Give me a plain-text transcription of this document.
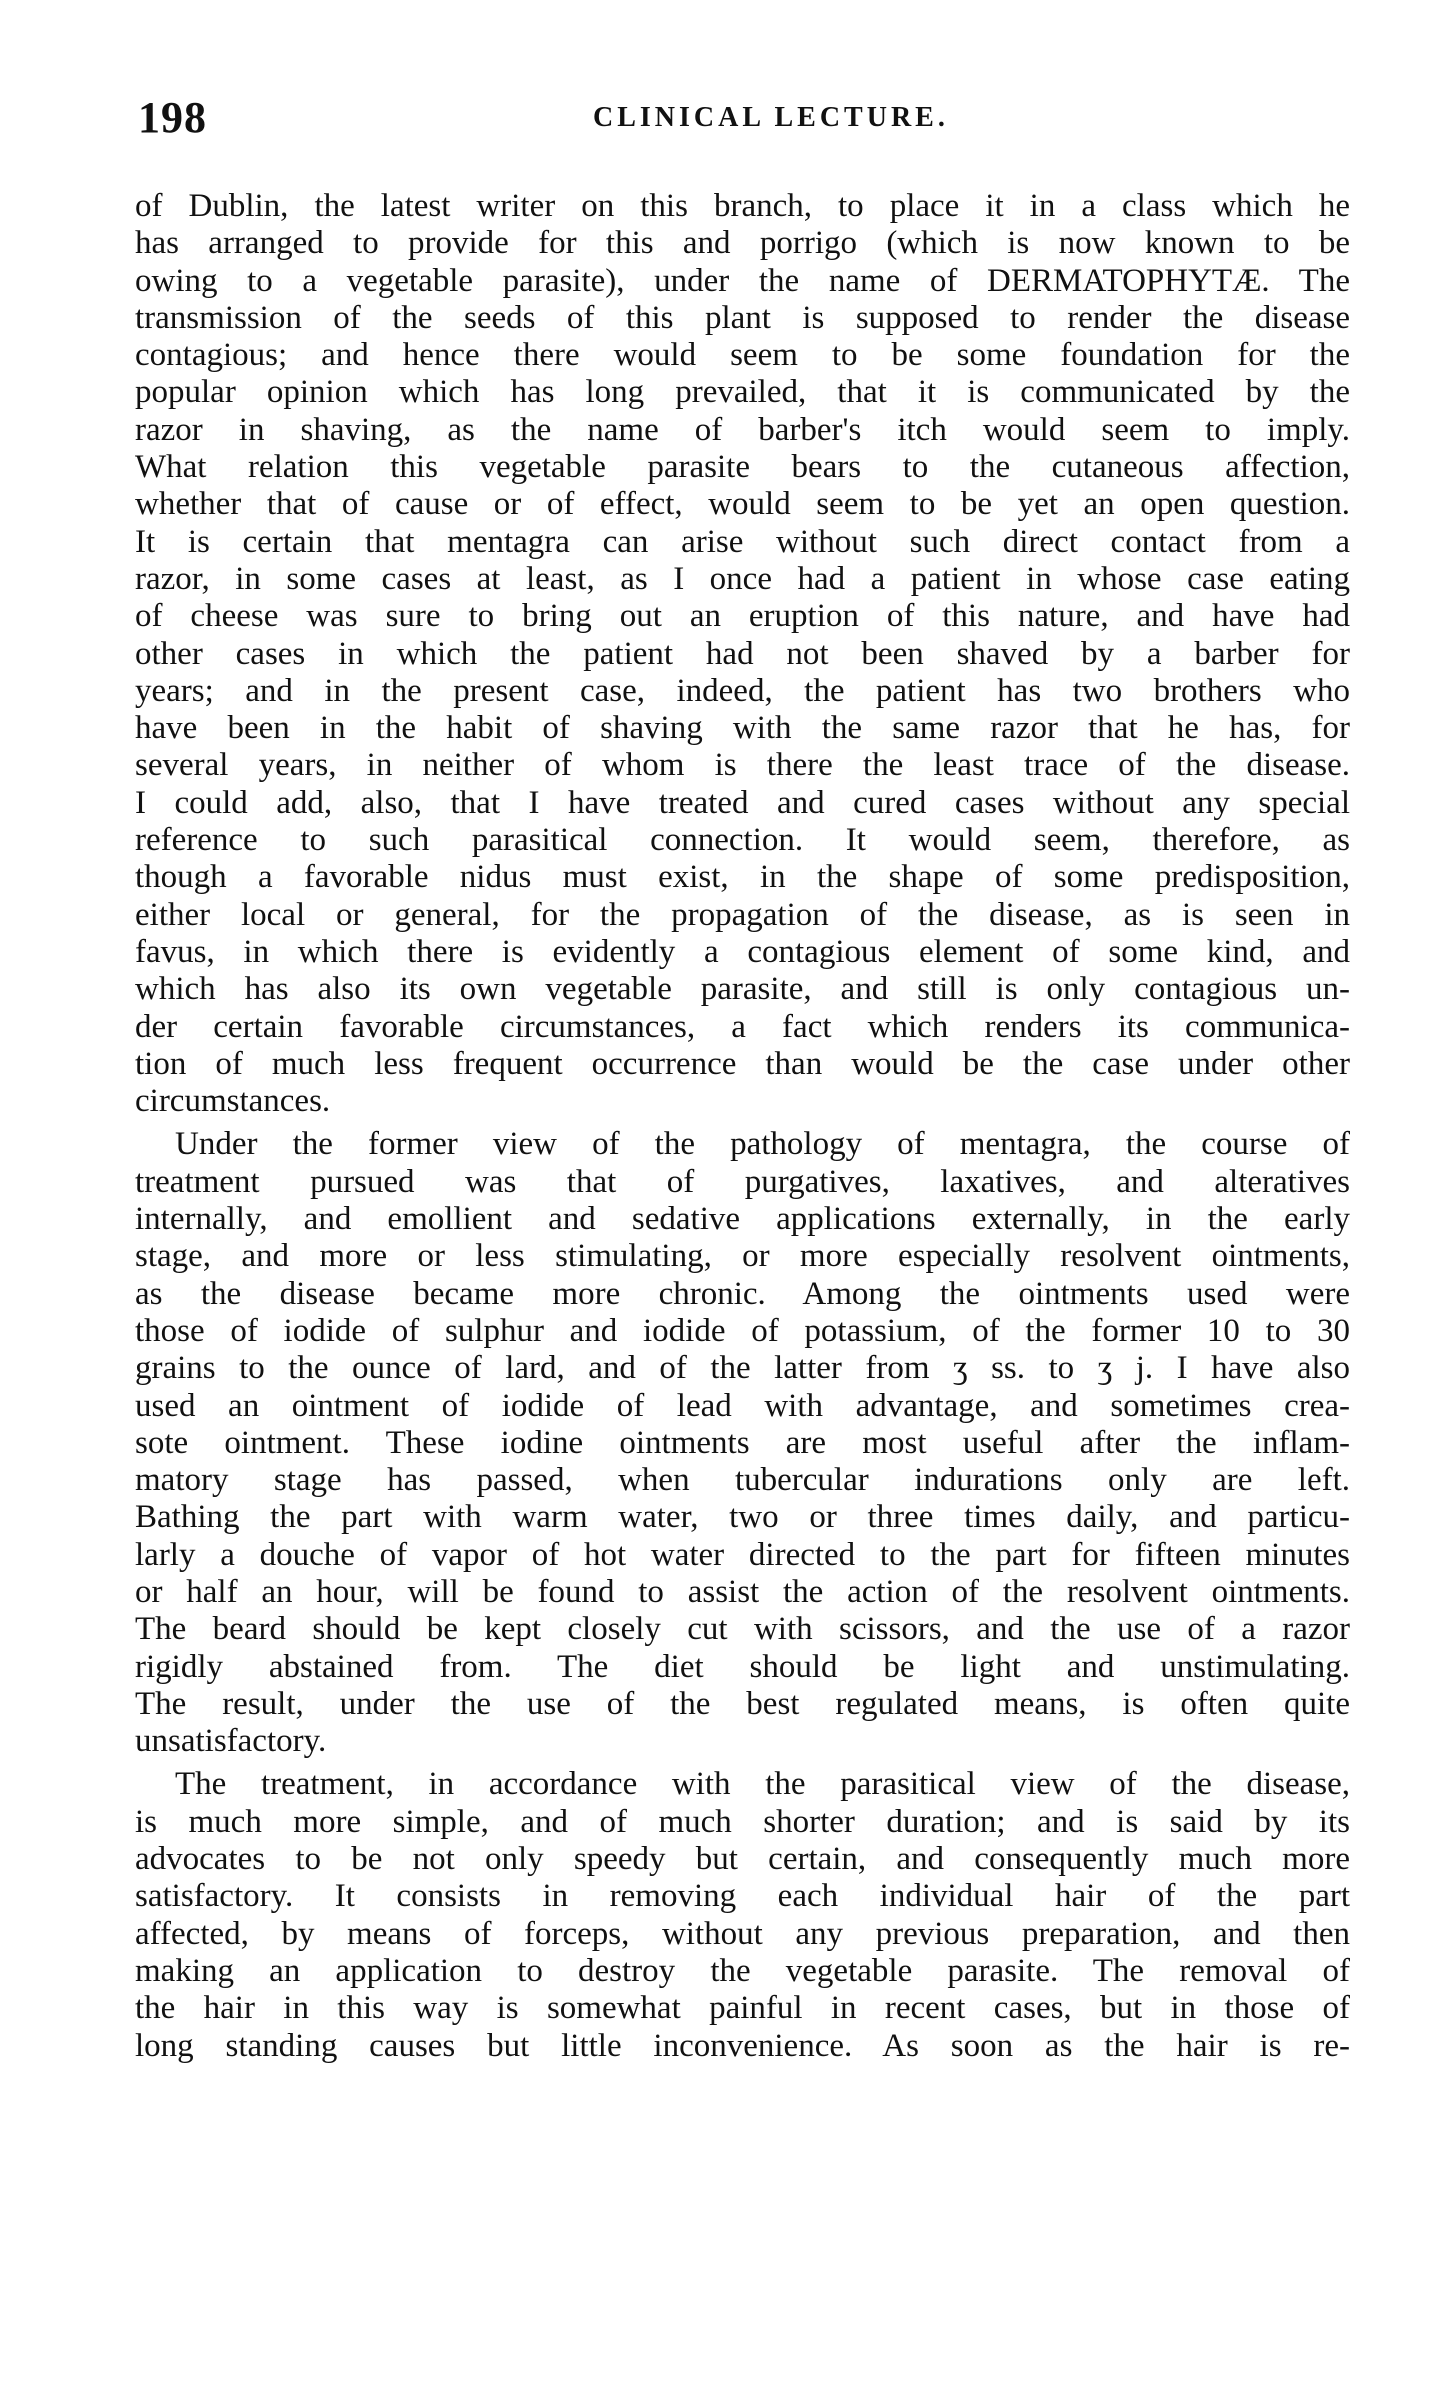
198	CLINICAL LECTURE.
of Dublin, the latest writer on this branch, to place it in a class which he
has arranged to provide for this and porrigo (which is now known to be
owing to a vegetable parasite), under the name of DERMATOPHYTÆ. The
transmission of the seeds of this plant is supposed to render the disease
contagious; and hence there would seem to be some foundation for the
popular opinion which has long prevailed, that it is communicated by the
razor in shaving, as the name of barber's itch would seem to imply.
What relation this vegetable parasite bears to the cutaneous affection,
whether that of cause or of effect, would seem to be yet an open question.
It is certain that mentagra can arise without such direct contact from a
razor, in some cases at least, as I once had a patient in whose case eating
of cheese was sure to bring out an eruption of this nature, and have had
other cases in which the patient had not been shaved by a barber for
years; and in the present case, indeed, the patient has two brothers who
have been in the habit of shaving with the same razor that he has, for
several years, in neither of whom is there the least trace of the disease.
I could add, also, that I have treated and cured cases without any special
reference to such parasitical connection. It would seem, therefore, as
though a favorable nidus must exist, in the shape of some predisposition,
either local or general, for the propagation of the disease, as is seen in
favus, in which there is evidently a contagious element of some kind, and
which has also its own vegetable parasite, and still is only contagious un-
der certain favorable circumstances, a fact which renders its communica-
tion of much less frequent occurrence than would be the case under other
circumstances.
Under the former view of the pathology of mentagra, the course of
treatment pursued was that of purgatives, laxatives, and alteratives
internally, and emollient and sedative applications externally, in the early
stage, and more or less stimulating, or more especially resolvent ointments,
as the disease became more chronic. Among the ointments used were
those of iodide of sulphur and iodide of potassium, of the former 10 to 30
grains to the ounce of lard, and of the latter from ʒ ss. to ʒ j. I have also
used an ointment of iodide of lead with advantage, and sometimes crea-
sote ointment. These iodine ointments are most useful after the inflam-
matory stage has passed, when tubercular indurations only are left.
Bathing the part with warm water, two or three times daily, and particu-
larly a douche of vapor of hot water directed to the part for fifteen minutes
or half an hour, will be found to assist the action of the resolvent ointments.
The beard should be kept closely cut with scissors, and the use of a razor
rigidly abstained from. The diet should be light and unstimulating.
The result, under the use of the best regulated means, is often quite
unsatisfactory.
The treatment, in accordance with the parasitical view of the disease,
is much more simple, and of much shorter duration; and is said by its
advocates to be not only speedy but certain, and consequently much more
satisfactory. It consists in removing each individual hair of the part
affected, by means of forceps, without any previous preparation, and then
making an application to destroy the vegetable parasite. The removal of
the hair in this way is somewhat painful in recent cases, but in those of
long standing causes but little inconvenience. As soon as the hair is re-
